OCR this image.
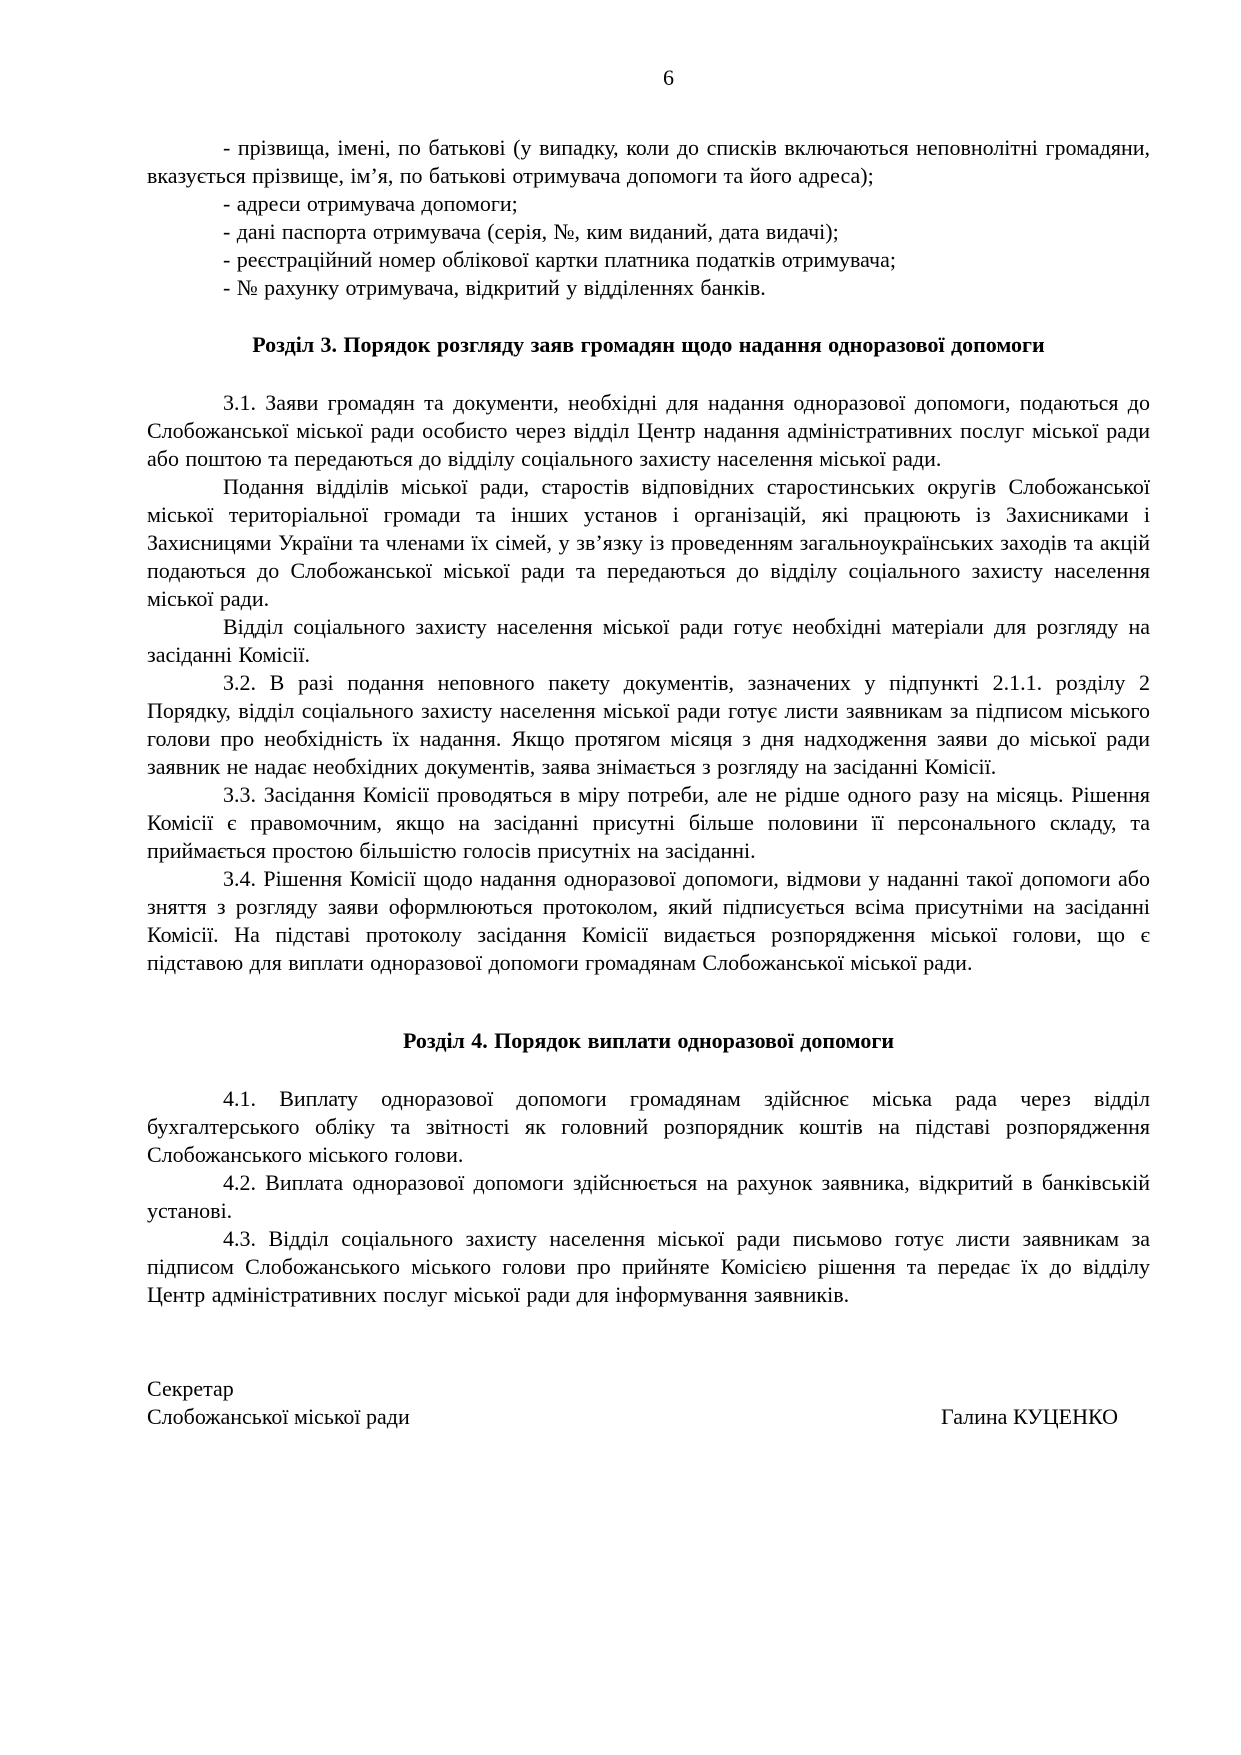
6

- прізвища, імені, по батькові (у випадку, коли до списків включаються неповнолітні громадяни, вказується прізвище, ім’я, по батькові отримувача допомоги та його адреса);

- адреси отримувача допомоги;

- дані паспорта отримувача (серія, №, ким виданий, дата видачі);

- реєстраційний номер облікової картки платника податків отримувача;

- № рахунку отримувача, відкритий у відділеннях банків.

Розділ 3. Порядок розгляду заяв громадян щодо надання одноразової допомоги

3.1. Заяви громадян та документи, необхідні для надання одноразової допомоги, подаються до Слобожанської міської ради особисто через відділ Центр надання адміністративних послуг міської ради або поштою та передаються до відділу соціального захисту населення міської ради.

Подання відділів міської ради, старостів відповідних старостинських округів Слобожанської міської територіальної громади та інших установ і організацій, які працюють із Захисниками і Захисницями України та членами їх сімей, у зв’язку із проведенням загальноукраїнських заходів та акцій подаються до Слобожанської міської ради та передаються до відділу соціального захисту населення міської ради.

Відділ соціального захисту населення міської ради готує необхідні матеріали для розгляду на засіданні Комісії.

3.2. В разі подання неповного пакету документів, зазначених у підпункті 2.1.1. розділу 2 Порядку, відділ соціального захисту населення міської ради готує листи заявникам за підписом міського голови про необхідність їх надання. Якщо протягом місяця з дня надходження заяви до міської ради заявник не надає необхідних документів, заява знімається з розгляду на засіданні Комісії.

3.3. Засідання Комісії проводяться в міру потреби, але не рідше одного разу на місяць. Рішення Комісії є правомочним, якщо на засіданні присутні більше половини її персонального складу, та приймається простою більшістю голосів присутніх на засіданні.

3.4. Рішення Комісії щодо надання одноразової допомоги, відмови у наданні такої допомоги або зняття з розгляду заяви оформлюються протоколом, який підписується всіма присутніми на засіданні Комісії. На підставі протоколу засідання Комісії видається розпорядження міської голови, що є підставою для виплати одноразової допомоги громадянам Слобожанської міської ради.

Розділ 4. Порядок виплати одноразової допомоги

4.1. Виплату одноразової допомоги громадянам здійснює міська рада через відділ бухгалтерського обліку та звітності як головний розпорядник коштів на підставі розпорядження Слобожанського міського голови.

4.2. Виплата одноразової допомоги здійснюється на рахунок заявника, відкритий в банківській установі.

4.3. Відділ соціального захисту населення міської ради письмово готує листи заявникам за підписом Слобожанського міського голови про прийняте Комісією рішення та передає їх до відділу Центр адміністративних послуг міської ради для інформування заявників.

Секретар
Слобожанської міської ради	Галина КУЦЕНКО
